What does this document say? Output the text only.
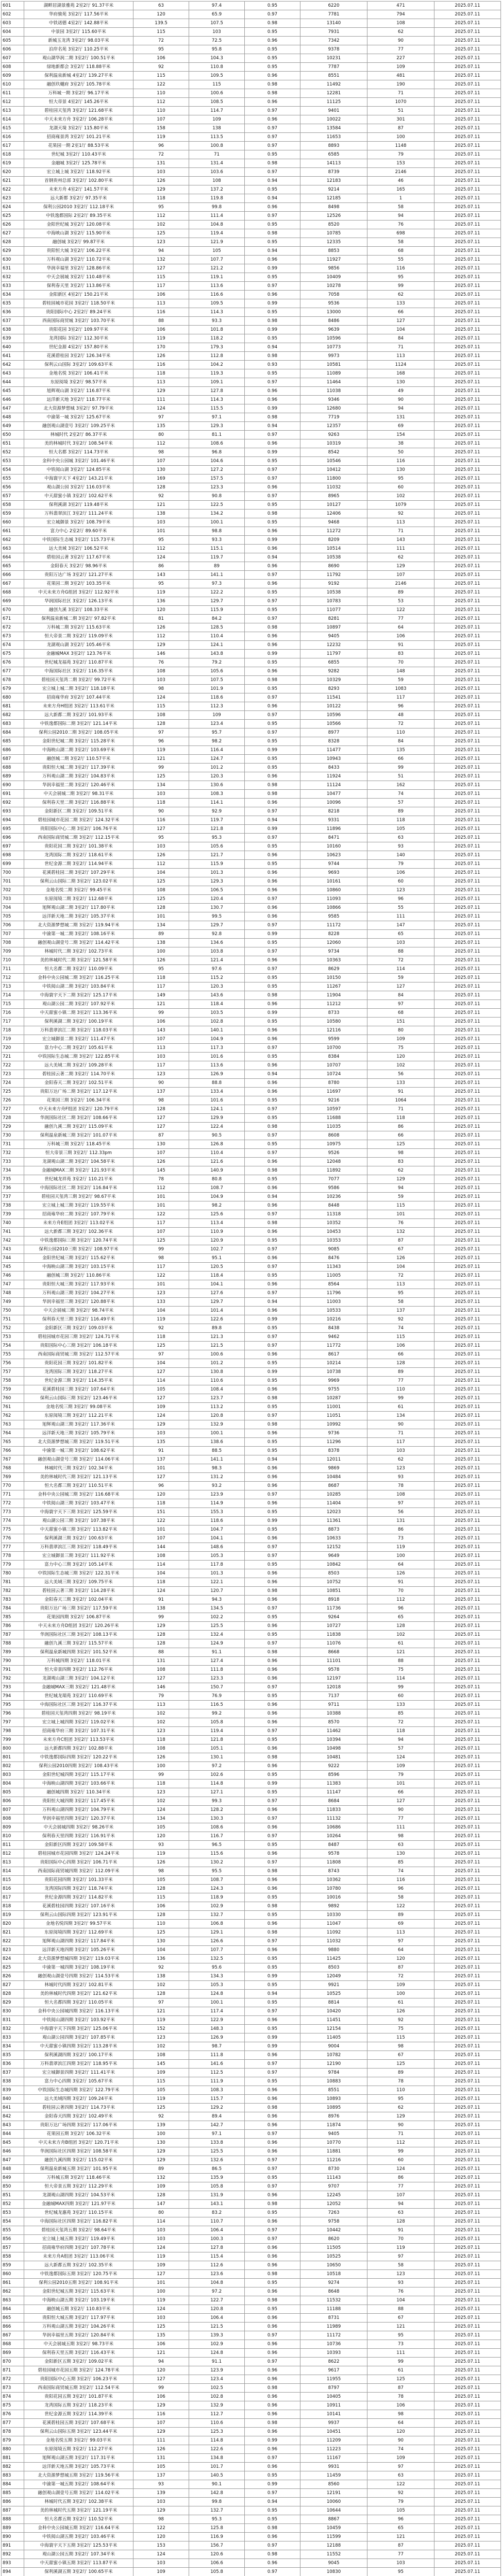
601	湖畔居湖景雅苑 2室2厅 91.37平米	63	97.4	0.95	6220	471	2025.07.11
602	华府骏苑 3室2厅 117.56平米	120	65.9	0.97	7781	794	2025.07.11
603	中铁诺德 4室2厅 142.88平米	139.5	107.5	0.98	13140	108	2025.07.11
604	中景园 3室2厅 115.60平米	115	103	0.95	7931	62	2025.07.11
605	新城玉龙湾 3室2厅 98.03平米	72	72.5	0.96	7342	90	2025.07.11
606	泊岸名苑 3室2厅 110.25平米	95	95.8	0.95	9378	77	2025.07.11
607	观山湖华润二期 3室2厅 100.51平米	106	104.3	0.95	10231	227	2025.07.11
608	绿地新都会 3室2厅 118.88平米	92	110.8	0.95	7787	109	2025.07.11
609	保利温泉新城 4室2厅 139.27平米	115	109.5	0.96	8551	481	2025.07.11
610	融创玖樾府 3室2厅 105.78平米	122	115	0.98	11492	190	2025.07.11
611	万科城一期 3室2厅 96.17平米	110	100.6	0.98	12281	71	2025.07.11
612	恒大帝景 4室2厅 145.26平米	112	108.5	0.96	11125	1070	2025.07.11
613	碧桂园天玺湾 3室2厅 121.68平米	110	114.7	0.97	9401	51	2025.07.11
614	中天未来方舟 3室2厅 106.28平米	107	109	0.96	10022	301	2025.07.11
615	龙湖天境 3室2厅 115.80平米	158	138	0.97	13584	87	2025.07.11
616	招商雍景湾 3室2厅 101.21平米	119	113.5	0.97	11653	100	2025.07.11
617	花果园一期 2室1厅 88.53平米	96	100.8	0.97	8893	1148	2025.07.11
618	世纪城 3室2厅 110.43平米	72	71	0.95	6585	79	2025.07.11
619	金融城 3室2厅 125.78平米	131	131.4	0.98	14113	153	2025.07.11
620	宏立城上城 3室2厅 118.92平米	103	103.6	0.97	8739	2146	2025.07.11
621	首钢贵州总部 3室2厅 102.80平米	126	108	0.94	12183	46	2025.07.11
622	未来方舟 4室2厅 141.57平米	129	137.2	0.95	9214	165	2025.07.11
623	远大新都 3室2厅 97.35平米	118	119.8	0.94	12185	1	2025.07.11
624	保利公园2010 3室2厅 112.18平米	95	99.8	0.96	8498	58	2025.07.11
625	中铁逸都国际 2室2厅 89.35平米	112	111.4	0.97	12526	94	2025.07.11
626	金阳世纪城 3室2厅 120.08平米	102	104.8	0.95	8520	76	2025.07.11
627	中海映山湖 3室2厅 115.90平米	125	119.4	0.98	10785	698	2025.07.11
628	融创城 3室2厅 99.87平米	123	121.9	0.95	12335	58	2025.07.11
629	贵阳恒大城 3室2厅 106.22平米	94	105	0.94	8853	68	2025.07.11
630	万科观山湖 3室2厅 110.72平米	132	107.7	0.96	11927	55	2025.07.11
631	华润幸福里 3室2厅 128.86平米	127	121.2	0.99	9856	116	2025.07.11
632	中天会展城 3室2厅 110.48平米	115	119.1	0.95	10409	95	2025.07.11
633	保利春天里 3室2厅 113.86平米	117	113.6	0.97	10278	99	2025.07.11
634	金阳新区 4室2厅 150.21平米	106	116.6	0.96	7058	62	2025.07.11
635	碧桂园城市花园 3室2厅 118.50平米	113	109.5	0.99	9536	133	2025.07.11
636	贵阳国际中心 2室2厅 89.24平米	116	114.3	0.95	13000	66	2025.07.11
637	西南国际商贸城 3室2厅 103.70平米	88	93.3	0.98	8486	127	2025.07.11
638	贵阳花园 3室2厅 109.97平米	106	101.8	0.99	9639	104	2025.07.11
639	龙湾国际 3室2厅 112.30平米	119	118.2	0.95	10596	84	2025.07.11
640	世纪金源 4室2厅 157.80平米	170	179.3	0.94	10773	71	2025.07.11
641	花溪碧桂园 3室2厅 126.34平米	126	112.8	0.98	9973	113	2025.07.11
642	保利云山国际 3室2厅 109.63平米	116	104.2	0.93	10581	1124	2025.07.11
643	金地名悦 3室2厅 106.41平米	118	119.3	0.95	11089	168	2025.07.11
644	东原阅境 3室2厅 98.57平米	113	109.1	0.97	11464	130	2025.07.11
645	旭辉观山湖 3室2厅 116.87平米	129	127.8	0.96	11038	49	2025.07.11
646	远洋新天地 3室2厅 118.77平米	111	114.3	0.96	9346	90	2025.07.11
647	北大资源梦想城 3室2厅 97.79平米	124	115.5	0.99	12680	94	2025.07.11
648	中渝第一城 3室2厅 125.67平米	97	97.1	0.98	7719	131	2025.07.11
649	融创观山湖壹号 3室2厅 109.25平米	135	129.3	0.94	12357	69	2025.07.11
650	林城时代 2室2厅 86.37平米	80	81.1	0.97	9263	154	2025.07.11
651	美的林城时代 3室2厅 108.54平米	112	108.6	0.96	10319	38	2025.07.11
652	恒大名都 3室2厅 114.73平米	98	96.8	0.99	8542	50	2025.07.11
653	金科中央公园城 3室2厅 101.46平米	107	104.6	0.95	10546	116	2025.07.11
654	中铁阅山湖 3室2厅 124.85平米	130	127.2	0.97	10412	130	2025.07.11
655	中海寰宇天下 4室2厅 143.21平米	169	157.5	0.97	11800	95	2025.07.11
656	观山湖公园 3室2厅 116.03平米	128	123.3	0.96	11032	60	2025.07.11
657	中天甜蜜小镇 3室2厅 102.62平米	92	90.8	0.97	8965	102	2025.07.11
658	保利溪湖 3室2厅 119.48平米	121	122.5	0.95	10127	1079	2025.07.11
659	万科翡翠滨江 3室2厅 111.24平米	138	134.2	0.98	12406	92	2025.07.11
660	宏立城御景 3室2厅 108.79平米	103	100.1	0.95	9468	113	2025.07.11
661	富力中心 2室2厅 89.60平米	101	98.8	0.96	11272	71	2025.07.11
662	中铁国际生态城 3室2厅 115.73平米	95	93.3	0.99	8209	143	2025.07.11
663	远大美域 3室2厅 106.52平米	112	115.1	0.96	10514	111	2025.07.11
664	碧桂园云著 3室2厅 117.67平米	124	119.7	0.94	10538	62	2025.07.11
665	金阳春天 3室2厅 98.96平米	86	89	0.96	8690	129	2025.07.11
666	贵阳万达广场 3室2厅 121.27平米	143	141.1	0.97	11792	107	2025.07.11
667	花果园二期 3室2厅 103.35平米	95	97.3	0.96	9192	2146	2025.07.11
668	中天未来方舟G组团 3室2厅 112.92平米	119	122.2	0.95	10538	89	2025.07.11
669	华润国际社区 3室2厅 126.13平米	136	129.7	0.97	10783	53	2025.07.11
670	融创九溪 3室2厅 108.33平米	120	115.9	0.95	11077	122	2025.07.11
671	保利温泉新城二期 3室2厅 97.82平米	81	84.2	0.97	8281	77	2025.07.11
672	万科城二期 3室2厅 115.63平米	126	128.5	0.98	10897	64	2025.07.11
673	恒大帝景二期 3室2厅 119.09平米	112	110.4	0.96	9405	106	2025.07.11
674	龙湖观山湖 3室2厅 105.46平米	129	124.1	0.96	12232	91	2025.07.11
675	金融城MAX 3室2厅 123.76平米	146	143.8	0.99	11797	83	2025.07.11
676	世纪城龙福苑 3室2厅 110.87平米	76	79.2	0.95	6855	70	2025.07.11
677	中海国际社区 3室2厅 116.35平米	108	105.6	0.96	9282	148	2025.07.11
678	碧桂园天玺湾二期 3室2厅 99.72平米	103	107.5	0.98	10329	59	2025.07.11
679	宏立城上城二期 3室2厅 118.18平米	98	101.9	0.95	8293	1083	2025.07.11
680	招商雍华府 3室2厅 107.44平米	124	118.6	0.97	11541	117	2025.07.11
681	未来方舟H组团 3室2厅 113.61平米	115	112.3	0.96	10122	96	2025.07.11
682	远大新都二期 3室2厅 101.93平米	108	109	0.97	10596	48	2025.07.11
683	中铁逸都国际二期 3室2厅 121.14平米	128	123.4	0.95	10566	72	2025.07.11
684	保利公园2010二期 3室2厅 108.05平米	97	95.7	0.97	8977	110	2025.07.11
685	金阳世纪城二期 3室2厅 115.28平米	96	98.2	0.95	8328	84	2025.07.11
686	中海映山湖二期 3室2厅 103.69平米	119	116.4	0.99	11477	135	2025.07.11
687	融创城二期 3室2厅 110.57平米	121	124.7	0.95	10943	66	2025.07.11
688	贵阳恒大城二期 3室2厅 117.39平米	99	101.2	0.95	8433	99	2025.07.11
689	万科观山湖二期 3室2厅 104.83平米	125	120.3	0.96	11924	51	2025.07.11
690	华润幸福里二期 3室2厅 120.46平米	134	130.6	0.98	11124	162	2025.07.11
691	中天会展城二期 3室2厅 98.31平米	103	108.3	0.98	10477	74	2025.07.11
692	保利春天里二期 3室2厅 116.88平米	118	114.1	0.96	10096	57	2025.07.11
693	金阳新区二期 3室2厅 109.51平米	90	92.9	0.97	8218	89	2025.07.11
694	碧桂园城市花园二期 3室2厅 124.32平米	116	119.7	0.94	9331	118	2025.07.11
695	贵阳国际中心二期 3室2厅 106.76平米	127	121.8	0.99	11896	105	2025.07.11
696	西南国际商贸城二期 3室2厅 112.15平米	95	95.3	0.97	8471	63	2025.07.11
697	贵阳花园二期 3室2厅 101.38平米	103	105.6	0.95	10160	93	2025.07.11
698	龙湾国际二期 3室2厅 118.61平米	126	121.7	0.96	10623	140	2025.07.11
699	世纪金源二期 3室2厅 114.94平米	112	115.9	0.95	9744	79	2025.07.11
700	花溪碧桂园二期 3室2厅 107.29平米	104	101.3	0.96	9693	106	2025.07.11
701	保利云山国际二期 3室2厅 123.02平米	125	129.3	0.96	10161	60	2025.07.11
702	金地名悦二期 3室2厅 99.45平米	108	106.5	0.96	10860	123	2025.07.11
703	东原阅境二期 3室2厅 112.68平米	125	120.4	0.97	11093	96	2025.07.11
704	旭辉观山湖二期 3室2厅 117.80平米	128	130.7	0.96	10866	55	2025.07.11
705	远洋新天地二期 3室2厅 105.37平米	101	99.5	0.96	9585	111	2025.07.11
706	北大资源梦想城二期 3室2厅 119.94平米	134	129.7	0.97	11172	147	2025.07.11
707	中渝第一城二期 3室2厅 108.16平米	89	92.8	0.99	8228	65	2025.07.11
708	融创观山湖壹号二期 3室2厅 114.42平米	138	134.6	0.95	12060	103	2025.07.11
709	林城时代二期 3室2厅 102.73平米	100	103.8	0.97	9734	88	2025.07.11
710	美的林城时代二期 3室2厅 121.58平米	126	121.4	0.96	10363	72	2025.07.11
711	恒大名都二期 3室2厅 110.09平米	95	97.6	0.97	8629	114	2025.07.11
712	金科中央公园城二期 3室2厅 116.25平米	118	115.2	0.95	10150	59	2025.07.11
713	中铁阅山湖二期 3室2厅 103.84平米	117	120.3	0.95	11267	127	2025.07.11
714	中海寰宇天下二期 3室2厅 125.17平米	149	143.6	0.98	11904	84	2025.07.11
715	观山湖公园二期 3室2厅 107.92平米	121	118.4	0.96	11212	97	2025.07.11
716	中天甜蜜小镇二期 3室2厅 113.36平米	99	103.5	0.99	8733	68	2025.07.11
717	保利溪湖二期 3室2厅 100.19平米	106	102.8	0.95	10580	151	2025.07.11
718	万科翡翠滨江二期 3室2厅 118.03平米	143	140.1	0.96	12116	80	2025.07.11
719	宏立城御景二期 3室2厅 111.47平米	107	104.9	0.96	9599	109	2025.07.11
720	富力中心二期 3室2厅 105.61平米	113	117.3	0.97	10700	75	2025.07.11
721	中铁国际生态城二期 3室2厅 122.85平米	103	101.6	0.95	8384	120	2025.07.11
722	远大美域二期 3室2厅 109.28平米	117	113.6	0.96	10707	102	2025.07.11
723	碧桂园云著二期 3室2厅 114.70平米	123	126.9	0.94	10724	56	2025.07.11
724	金阳春天二期 3室2厅 102.51平米	90	88.8	0.96	8780	133	2025.07.11
725	贵阳万达广场二期 3室2厅 117.12平米	137	133.4	0.96	11697	91	2025.07.11
726	花果园三期 3室2厅 106.34平米	98	101.6	0.95	9216	1064	2025.07.11
727	中天未来方舟F组团 3室2厅 120.79平米	128	124.1	0.97	10597	71	2025.07.11
728	华润国际社区二期 3室2厅 108.66平米	127	129.9	0.95	11688	118	2025.07.11
729	融创九溪二期 3室2厅 115.09平米	127	122.4	0.98	11035	86	2025.07.11
730	保利温泉新城三期 3室2厅 101.07平米	87	90.5	0.97	8608	66	2025.07.11
731	万科城三期 3室2厅 118.45平米	130	126.8	0.95	10975	125	2025.07.11
732	恒大帝景三期 3室2厅 112.33pm	107	110.4	0.97	9526	98	2025.07.11
733	龙湖观山湖二期 3室2厅 104.58平米	126	121.6	0.96	12048	83	2025.07.11
734	金融城MAX二期 3室2厅 121.93平米	145	140.9	0.98	11892	62	2025.07.11
735	世纪城龙祥苑 3室2厅 110.21平米	78	80.8	0.95	7077	129	2025.07.11
736	中海国际社区二期 3室2厅 116.84平米	112	108.7	0.96	9586	94	2025.07.11
737	碧桂园天玺湾三期 3室2厅 98.67平米	101	104.9	0.94	10236	59	2025.07.11
738	宏立城上城三期 3室2厅 119.55平米	101	98.2	0.96	8448	115	2025.07.11
739	招商雍华府二期 3室2厅 107.79平米	122	125.6	0.97	11318	101	2025.07.11
740	未来方舟E组团 3室2厅 113.02平米	117	113.4	0.98	10352	76	2025.07.11
741	远大新都三期 3室2厅 102.36平米	107	110.9	0.96	10453	132	2025.07.11
742	中铁逸都国际三期 3室2厅 120.74平米	125	120.9	0.95	10353	87	2025.07.11
743	保利公园2010三期 3室2厅 108.97平米	99	102.7	0.97	9085	67	2025.07.11
744	金阳世纪城三期 3室2厅 115.62平米	98	95.1	0.96	8476	126	2025.07.11
745	中海映山湖三期 3室2厅 103.15平米	117	120.5	0.97	11343	104	2025.07.11
746	融创城三期 3室2厅 110.86平米	122	118.4	0.95	11005	72	2025.07.11
747	贵阳恒大城三期 3室2厅 117.93平米	101	104.1	0.96	8564	113	2025.07.11
748	万科观山湖三期 3室2厅 104.27平米	123	127.6	0.97	11796	95	2025.07.11
749	华润幸福里三期 3室2厅 120.88平米	133	129.7	0.94	11003	58	2025.07.11
750	中天会展城三期 3室2厅 98.74平米	104	101.4	0.96	10533	137	2025.07.11
751	保利春天里三期 3室2厅 116.49平米	119	122.6	0.99	10216	92	2025.07.11
752	金阳新区三期 3室2厅 109.03平米	92	89.8	0.95	8438	74	2025.07.11
753	碧桂园城市花园三期 3室2厅 124.71平米	118	121.3	0.97	9462	115	2025.07.11
754	贵阳国际中心三期 3室2厅 106.18平米	125	121.5	0.97	11772	106	2025.07.11
755	西南国际商贸城三期 3室2厅 112.57平米	97	100.6	0.96	8617	66	2025.07.11
756	贵阳花园三期 3室2厅 101.82平米	104	101.2	0.95	10214	128	2025.07.11
757	龙湾国际三期 3室2厅 118.27平米	127	130.8	0.99	10738	89	2025.07.11
758	世纪金源三期 3室2厅 114.35平米	114	110.6	0.95	9969	77	2025.07.11
759	花溪碧桂园三期 3室2厅 107.64平米	105	108.4	0.96	9755	110	2025.07.11
760	保利云山国际三期 3室2厅 123.46平米	127	123.7	0.98	10287	99	2025.07.11
761	金地名悦三期 3室2厅 99.08平米	109	113.2	0.95	11001	61	2025.07.11
762	东原阅境三期 3室2厅 112.21平米	124	120.8	0.97	11051	134	2025.07.11
763	旭辉观山湖三期 3室2厅 117.36平米	129	132.9	0.98	10992	90	2025.07.11
764	远洋新天地三期 3室2厅 105.79平米	103	100.1	0.96	9736	71	2025.07.11
765	北大资源梦想城三期 3室2厅 119.51平米	135	138.6	0.95	11296	117	2025.07.11
766	中渝第一城三期 3室2厅 108.62平米	91	88.5	0.95	8378	103	2025.07.11
767	融创观山湖壹号三期 3室2厅 114.06平米	137	141.1	0.94	12011	62	2025.07.11
768	林城时代三期 3室2厅 102.34平米	101	98.3	0.96	9869	123	2025.07.11
769	美的林城时代三期 3室2厅 121.13平米	127	131.2	0.96	10484	93	2025.07.11
770	恒大名都三期 3室2厅 110.51平米	96	93.2	0.96	8687	78	2025.07.11
771	金科中央公园城三期 3室2厅 116.68平米	120	123.9	0.97	10285	108	2025.07.11
772	中铁阅山湖三期 3室2厅 103.47平米	118	114.9	0.96	11404	97	2025.07.11
773	中海寰宇天下三期 3室2厅 125.59平米	151	155.3	0.95	12023	56	2025.07.11
774	观山湖公园三期 3室2厅 107.38平米	122	118.6	0.99	11361	131	2025.07.11
775	中天甜蜜小镇三期 3室2厅 113.82平米	101	104.7	0.95	8873	86	2025.07.11
776	保利溪湖三期 3室2厅 100.63平米	107	104.1	0.96	10633	73	2025.07.11
777	万科翡翠滨江三期 3室2厅 118.49平米	144	148.6	0.97	12152	119	2025.07.11
778	宏立城御景三期 3室2厅 111.92平米	108	105.3	0.97	9649	100	2025.07.11
779	富力中心三期 3室2厅 105.14平米	114	117.8	0.95	10842	64	2025.07.11
780	中铁国际生态城三期 3室2厅 122.31平米	104	101.3	0.96	8503	126	2025.07.11
781	远大美域三期 3室2厅 109.75平米	118	122.1	0.96	10752	91	2025.07.11
782	碧桂园云著三期 3室2厅 114.28平米	124	120.7	0.98	10851	70	2025.07.11
783	金阳春天三期 3室2厅 102.04平米	91	94.3	0.96	8918	112	2025.07.11
784	贵阳万达广场三期 3室2厅 117.59平米	138	134.5	0.97	11736	96	2025.07.11
785	花果园四期 3室2厅 106.87平米	99	102.2	0.95	9264	65	2025.07.11
786	中天未来方舟D组团 3室2厅 120.26平米	129	125.5	0.96	10727	128	2025.07.11
787	华润国际社区三期 3室2厅 108.13平米	128	132.4	0.95	11838	102	2025.07.11
788	融创九溪三期 3室2厅 115.57平米	128	124.9	0.97	11076	61	2025.07.11
789	保利温泉新城四期 3室2厅 101.52平米	88	91.1	0.98	8668	121	2025.07.11
790	万科城四期 3室2厅 118.01平米	131	127.4	0.96	11101	88	2025.07.11
791	恒大帝景四期 3室2厅 112.76平米	108	111.8	0.96	9578	75	2025.07.11
792	龙湖观山湖三期 3室2厅 104.12平米	127	123.3	0.96	12197	114	2025.07.11
793	金融城MAX三期 3室2厅 121.48平米	146	150.7	0.97	12018	99	2025.07.11
794	世纪城龙瑞苑 3室2厅 110.69平米	79	76.9	0.95	7137	60	2025.07.11
795	中海国际社区三期 3室2厅 116.37平米	113	116.5	0.96	9711	133	2025.07.11
796	碧桂园天玺湾四期 3室2厅 98.19平米	102	99.2	0.96	10388	85	2025.07.11
797	宏立城上城四期 3室2厅 119.02平米	102	105.8	0.96	8570	72	2025.07.11
798	招商雍华府三期 3室2厅 107.31平米	123	119.4	0.97	11462	118	2025.07.11
799	未来方舟C组团 3室2厅 113.53平米	118	121.8	0.95	10394	94	2025.07.11
800	远大新都四期 3室2厅 102.88平米	108	105.1	0.96	10498	57	2025.07.11
801	中铁逸都国际四期 3室2厅 120.22平米	126	130.1	0.98	10481	124	2025.07.11
802	保利公园2010四期 3室2厅 108.43平米	100	97.2	0.96	9222	109	2025.07.11
803	金阳世纪城四期 3室2厅 115.17平米	99	102.6	0.95	8596	79	2025.07.11
804	中海映山湖四期 3室2厅 103.66平米	118	114.8	0.99	11383	101	2025.07.11
805	融创城四期 3室2厅 110.34平米	123	127.1	0.95	11147	66	2025.07.11
806	贵阳恒大城四期 3室2厅 117.45平米	102	99.3	0.97	8684	127	2025.07.11
807	万科观山湖四期 3室2厅 104.79平米	124	128.2	0.96	11833	90	2025.07.11
808	华润幸福里四期 3室2厅 120.37平米	134	130.3	0.97	11132	77	2025.07.11
809	中天会展城四期 3室2厅 98.26平米	105	108.6	0.96	10686	111	2025.07.11
810	保利春天里四期 3室2厅 116.91平米	120	116.7	0.97	10264	98	2025.07.11
811	金阳新区四期 3室2厅 109.58平米	93	96.5	0.95	8487	63	2025.07.11
812	碧桂园城市花园四期 3室2厅 124.24平米	119	115.6	0.96	9578	130	2025.07.11
813	贵阳国际中心四期 3室2厅 106.71平米	126	130.2	0.97	11808	85	2025.07.11
814	西南国际商贸城四期 3室2厅 112.09平米	98	95.5	0.98	8743	74	2025.07.11
815	贵阳花园四期 3室2厅 101.33平米	105	108.7	0.96	10362	116	2025.07.11
816	龙湾国际四期 3室2厅 118.74平米	128	124.3	0.96	10780	96	2025.07.11
817	世纪金源四期 3室2厅 114.82平米	115	118.9	0.95	10016	58	2025.07.11
818	花溪碧桂园四期 3室2厅 107.16平米	106	102.9	0.98	9892	122	2025.07.11
819	保利云山国际四期 3室2厅 123.91平米	128	132.7	0.95	10330	89	2025.07.11
820	金地名悦四期 3室2厅 99.57平米	110	106.8	0.96	11047	69	2025.07.11
821	东原阅境四期 3室2厅 112.69平米	125	129.1	0.98	11092	113	2025.07.11
822	旭辉观山湖四期 3室2厅 117.84平米	130	126.6	0.97	11032	97	2025.07.11
823	远洋新天地四期 3室2厅 105.26平米	104	107.7	0.96	9880	64	2025.07.11
824	北大资源梦想城四期 3室2厅 119.03平米	136	132.5	0.95	11425	120	2025.07.11
825	中渝第一城四期 3室2厅 108.19平米	92	95.6	0.95	8503	87	2025.07.11
826	融创观山湖壹号四期 3室2厅 114.53平米	138	134.3	0.99	12049	72	2025.07.11
827	林城时代四期 3室2厅 102.81平米	102	105.3	0.95	9921	109	2025.07.11
828	美的林城时代四期 3室2厅 121.62平米	128	124.8	0.94	10525	100	2025.07.11
829	恒大名都四期 3室2厅 110.05平米	97	100.1	0.95	8814	61	2025.07.11
830	金科中央公园城四期 3室2厅 116.13平米	121	117.4	0.97	10420	126	2025.07.11
831	中铁阅山湖四期 3室2厅 103.92平米	119	122.9	0.96	11451	92	2025.07.11
832	中海寰宇天下四期 3室2厅 125.06平米	152	148.3	0.95	12154	75	2025.07.11
833	观山湖公园四期 3室2厅 107.85平米	123	126.9	0.99	11405	115	2025.07.11
834	中天甜蜜小镇四期 3室2厅 113.28平米	102	98.7	0.99	9004	98	2025.07.11
835	保利溪湖四期 3室2厅 100.17平米	108	111.8	0.96	10782	67	2025.07.11
836	万科翡翠滨江四期 3室2厅 118.95平米	145	141.6	0.97	12190	125	2025.07.11
837	宏立城御景四期 3室2厅 111.41平米	109	112.5	0.97	9784	89	2025.07.11
838	富力中心四期 3室2厅 105.67平米	115	111.9	0.95	10883	78	2025.07.11
839	中铁国际生态城四期 3室2厅 122.79平米	105	108.3	0.96	8551	110	2025.07.11
840	远大美域四期 3室2厅 109.24平米	119	115.7	0.96	10893	95	2025.07.11
841	碧桂园云著四期 3室2厅 114.73平米	125	129.2	0.98	10895	62	2025.07.11
842	金阳春天四期 3室2厅 102.49平米	92	89.4	0.96	8976	129	2025.07.11
843	贵阳万达广场四期 3室2厅 117.06平米	139	142.7	0.96	11874	90	2025.07.11
844	花果园五期 3室2厅 106.32平米	100	97.1	0.97	9405	71	2025.07.11
845	中天未来方舟B组团 3室2厅 120.71平米	130	133.8	0.96	10770	112	2025.07.11
846	华润国际社区四期 3室2厅 108.58平米	129	125.5	0.96	11881	99	2025.07.11
847	融创九溪四期 3室2厅 115.02平米	129	132.6	0.97	11216	60	2025.07.11
848	保利温泉新城五期 3室2厅 101.95平米	89	86.5	0.97	8730	124	2025.07.11
849	万科城五期 3室2厅 118.46平米	132	135.9	0.95	11143	86	2025.07.11
850	恒大帝景五期 3室2厅 112.29平米	109	105.8	0.97	9707	77	2025.07.11
851	龙湖观山湖四期 3室2厅 104.53平米	128	131.9	0.96	12245	107	2025.07.11
852	金融城MAX四期 3室2厅 121.97平米	147	143.1	0.98	12052	94	2025.07.11
853	世纪城龙惠苑 3室2厅 110.15平米	80	83.2	0.95	7263	63	2025.07.11
854	中海国际社区四期 3室2厅 116.82平米	114	110.7	0.96	9758	128	2025.07.11
855	碧桂园天玺湾五期 3室2厅 98.64平米	103	106.4	0.97	10442	91	2025.07.11
856	宏立城上城五期 3室2厅 119.49平米	103	100.3	0.97	8620	70	2025.07.11
857	招商雍华府四期 3室2厅 107.78平米	124	127.8	0.96	11505	119	2025.07.11
858	未来方舟A组团 3室2厅 113.06平米	119	115.4	0.96	10525	97	2025.07.11
859	远大新都五期 3室2厅 102.35平米	109	112.6	0.96	10650	58	2025.07.11
860	中铁逸都国际五期 3室2厅 120.75平米	127	123.6	0.98	10518	123	2025.07.11
861	保利公园2010五期 3室2厅 108.91平米	101	104.8	0.95	9274	93	2025.07.11
862	金阳世纪城五期 3室2厅 115.63平米	100	97.2	0.96	8648	76	2025.07.11
863	中海映山湖五期 3室2厅 103.19平米	119	122.7	0.98	11532	104	2025.07.11
864	融创城五期 3室2厅 110.83平米	124	120.8	0.95	11188	88	2025.07.11
865	贵阳恒大城五期 3室2厅 117.97平米	103	106.4	0.96	8731	67	2025.07.11
866	万科观山湖五期 3室2厅 104.26平米	125	121.5	0.96	11989	121	2025.07.11
867	华润幸福里五期 3室2厅 120.84平米	135	139.3	0.97	11172	95	2025.07.11
868	中天会展城五期 3室2厅 98.73平米	106	102.9	0.96	10736	73	2025.07.11
869	保利春天里五期 3室2厅 116.43平米	121	124.8	0.96	10393	111	2025.07.11
870	金阳新区五期 3室2厅 109.02平米	94	91.1	0.97	8622	99	2025.07.11
871	碧桂园城市花园五期 3室2厅 124.78平米	120	123.9	0.96	9617	61	2025.07.11
872	贵阳国际中心五期 3室2厅 106.23平米	127	123.4	0.96	11955	125	2025.07.11
873	西南国际商贸城五期 3室2厅 112.54平米	99	102.5	0.98	8797	87	2025.07.11
874	贵阳花园五期 3室2厅 101.87平米	106	102.8	0.96	10405	78	2025.07.11
875	龙湾国际五期 3室2厅 118.23平米	129	132.9	0.96	10911	106	2025.07.11
876	世纪金源五期 3室2厅 114.39平米	116	112.7	0.96	10141	98	2025.07.11
877	花溪碧桂园五期 3室2厅 107.68平米	107	110.6	0.98	9937	64	2025.07.11
878	保利云山国际五期 3室2厅 123.44平米	129	125.3	0.96	10451	120	2025.07.11
879	金地名悦五期 3室2厅 99.03平米	111	114.8	0.99	11209	90	2025.07.11
880	东原阅境五期 3室2厅 112.27平米	126	122.6	0.96	11223	74	2025.07.11
881	旭辉观山湖五期 3室2厅 117.31平米	131	134.8	0.97	11167	109	2025.07.11
882	远洋新天地五期 3室2厅 105.73平米	105	101.7	0.96	9931	97	2025.07.11
883	北大资源梦想城五期 3室2厅 119.56平米	137	140.5	0.95	11459	63	2025.07.11
884	中渝第一城五期 3室2厅 108.64平米	93	90.1	0.99	8560	122	2025.07.11
885	融创观山湖壹号五期 3室2厅 114.02平米	139	142.8	0.97	12191	92	2025.07.11
886	林城时代五期 3室2厅 102.38平米	103	99.8	0.94	10060	79	2025.07.11
887	美的林城时代五期 3室2厅 121.19平米	129	132.7	0.95	10644	105	2025.07.11
888	恒大名都五期 3室2厅 110.52平米	98	95.3	0.95	8867	96	2025.07.11
889	金科中央公园城五期 3室2厅 116.64平米	122	125.8	0.98	10459	65	2025.07.11
890	中铁阅山湖五期 3室2厅 103.46平米	120	116.9	0.96	11599	121	2025.07.11
891	中海寰宇天下五期 3室2厅 125.53平米	153	156.7	0.97	12188	87	2025.07.11
892	观山湖公园五期 3室2厅 107.34平米	124	120.6	0.98	11552	77	2025.07.11
893	中天甜蜜小镇五期 3室2厅 113.87平米	103	106.6	0.96	9045	103	2025.07.11
894	保利溪湖五期 3室2厅 100.65平米	109	105.8	0.97	10830	95	2025.07.11
